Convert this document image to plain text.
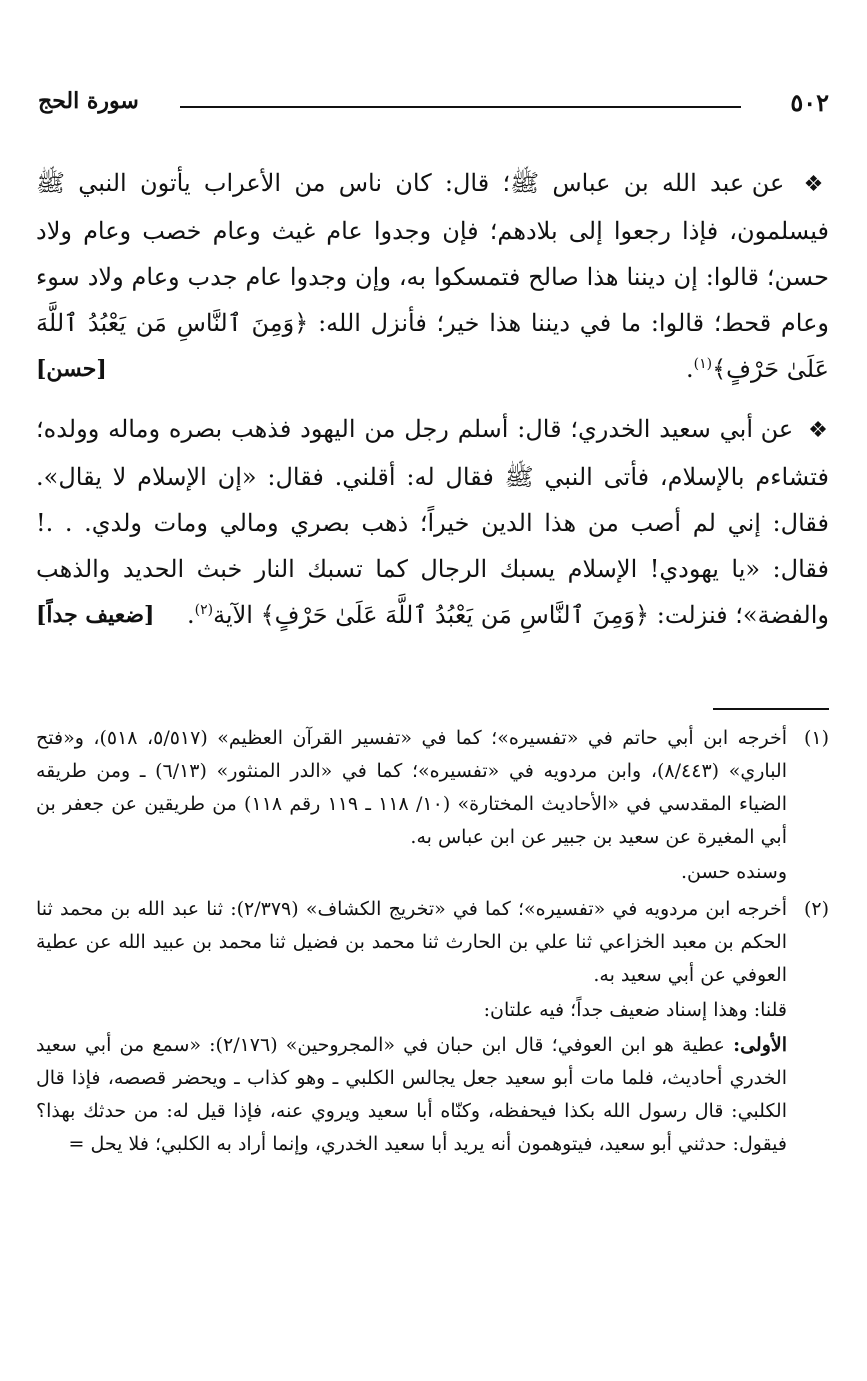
٥٠٢
سورة الحج

❖ عن عبد الله بن عباس ﷺ؛ قال: كان ناس من الأعراب يأتون النبي ﷺ فيسلمون، فإذا رجعوا إلى بلادهم؛ فإن وجدوا عام غيث وعام خصب وعام ولاد حسن؛ قالوا: إن ديننا هذا صالح فتمسكوا به، وإن وجدوا عام جدب وعام ولاد سوء وعام قحط؛ قالوا: ما في ديننا هذا خير؛ فأنزل الله: ﴿وَمِنَ ٱلنَّاسِ مَن يَعْبُدُ ٱللَّهَ عَلَىٰ حَرْفٍ﴾$^{(١)}$.
[حسن]

❖ عن أبي سعيد الخدري؛ قال: أسلم رجل من اليهود فذهب بصره وماله وولده؛ فتشاءم بالإسلام، فأتى النبي ﷺ فقال له: أقلني. فقال: «إن الإسلام لا يقال». فقال: إني لم أصب من هذا الدين خيراً؛ ذهب بصري ومالي ومات ولدي. . .! فقال: «يا يهودي! الإسلام يسبك الرجال كما تسبك النار خبث الحديد والذهب والفضة»؛ فنزلت: ﴿وَمِنَ ٱلنَّاسِ مَن يَعْبُدُ ٱللَّهَ عَلَىٰ حَرْفٍ﴾ الآية$^{(٢)}$.
[ضعيف جداً]

(١)

أخرجه ابن أبي حاتم في «تفسيره»؛ كما في «تفسير القرآن العظيم» (٥/٥١٧، ٥١٨)، و«فتح الباري» (٨/٤٤٣)، وابن مردويه في «تفسيره»؛ كما في «الدر المنثور» (٦/١٣) ـ ومن طريقه الضياء المقدسي في «الأحاديث المختارة» (١٠/ ١١٨ ـ ١١٩ رقم ١١٨) من طريقين عن جعفر بن أبي المغيرة عن سعيد بن جبير عن ابن عباس به.

وسنده حسن.

(٢)

أخرجه ابن مردويه في «تفسيره»؛ كما في «تخريج الكشاف» (٢/٣٧٩): ثنا عبد الله بن محمد ثنا الحكم بن معبد الخزاعي ثنا علي بن الحارث ثنا محمد بن فضيل ثنا محمد بن عبيد الله عن عطية العوفي عن أبي سعيد به.

قلنا: وهذا إسناد ضعيف جداً؛ فيه علتان:

الأولى: عطية هو ابن العوفي؛ قال ابن حبان في «المجروحين» (٢/١٧٦): «سمع من أبي سعيد الخدري أحاديث، فلما مات أبو سعيد جعل يجالس الكلبي ـ وهو كذاب ـ ويحضر قصصه، فإذا قال الكلبي: قال رسول الله بكذا فيحفظه، وكنّاه أبا سعيد ويروي عنه، فإذا قيل له: من حدثك بهذا؟ فيقول: حدثني أبو سعيد، فيتوهمون أنه يريد أبا سعيد الخدري، وإنما أراد به الكلبي؛ فلا يحل =
